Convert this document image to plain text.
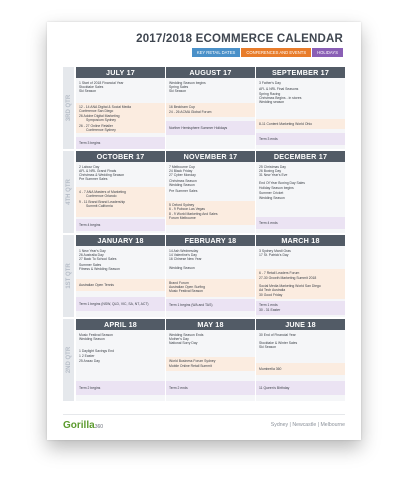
2017/2018 ECOMMERCE CALENDAR
KEY RETAIL DATES	CONFERENCES AND EVENTS	HOLIDAYS
3RD QTR
JULY 17
1 Start of 2018 Financial Year
Stocktake Sales
Ski Season
12 - 14 ANA Digital & Social Media
Conference San Diego
26 Adobe Digital Marketing
Symposium Sydney
26 - 27 Online Retailer
Conference Sydney
Term 3 begins
AUGUST 17
Wedding Season begins
Spring Sales
Ski Season
16 Beckham Cup
24 - 26 ACMA Global Forum
Norther Hemisphere Summer Holidays
SEPTEMBER 17
3 Father's Day
AFL & NRL Final Seasons
Spring Racing
Christmas Begins - in stores
Wedding season
8-11 Content Marketing World Ohio
Term 3 ends
4TH QTR
OCTOBER 17
2 Labour Day
AFL & NRL Grand Finals
Christmas & Wedding Season
Pre Summer Sales
4 - 7 ANA Masters of Marketing
Conference Orlando
9 - 11 Brand Brand Leadership
Summit California
Term 4 begins
NOVEMBER 17
7 Melbourne Cup
24 Black Friday
27 Cyber Monday
Christmas Season
Wedding Season
Pre Summer Sales
5 Oxford Sydney
6 - 9 Pubcon Las Vegas
8 - 9 World Marketing And Sales
Forum Melbourne
DECEMBER 17
25 Christmas Day
26 Boxing Day
31 New Year's Eve
End Of Year Boxing Day Sales
Holiday Season begins
Summer Cricket
Wedding Season
Term 4 ends
1ST QTR
JANUARY 18
1 New Year's Day
26 Australia Day
27 Back To School Sales
Summer Sales
Fitness & Wedding Season
Australian Open Tennis
Term 1 begins (NSW, QLD, VIC, SA, NT, ACT)
FEBRUARY 18
14 Ash Wednesday
14 Valentine's Day
16 Chinese New Year
Wedding Season
Brand Forum
Australian Open Surfing
Music Festival Season
Term 1 begins (WA and TAS)
MARCH 18
3 Sydney Mardi Gras
17 St. Patrick's Day
6 - 7 Retail Leaders Forum
27-30 Growth Marketing Summit 2018
Social Media Marketing World San Diego
Ad Tech Australia
30 Good Friday
Term 1 ends
30 - 31 Easter
2ND QTR
APRIL 18
Music Festival Season
Wedding Season
1 Daylight Savings End
1 2 Easter
25 Anzac Day
Term 2 begins
MAY 18
Wedding Season Ends
Mother's Day
National Sorry Day
World Business Forum Sydney
Mobile Online Retail Summit
Term 2 ends
JUNE 18
30 End of Financial Year
Stocktake & Winter Sales
Ski Season
Mumbrella 360
11 Queen's Birthday
Gorilla360	Sydney | Newcastle | Melbourne
